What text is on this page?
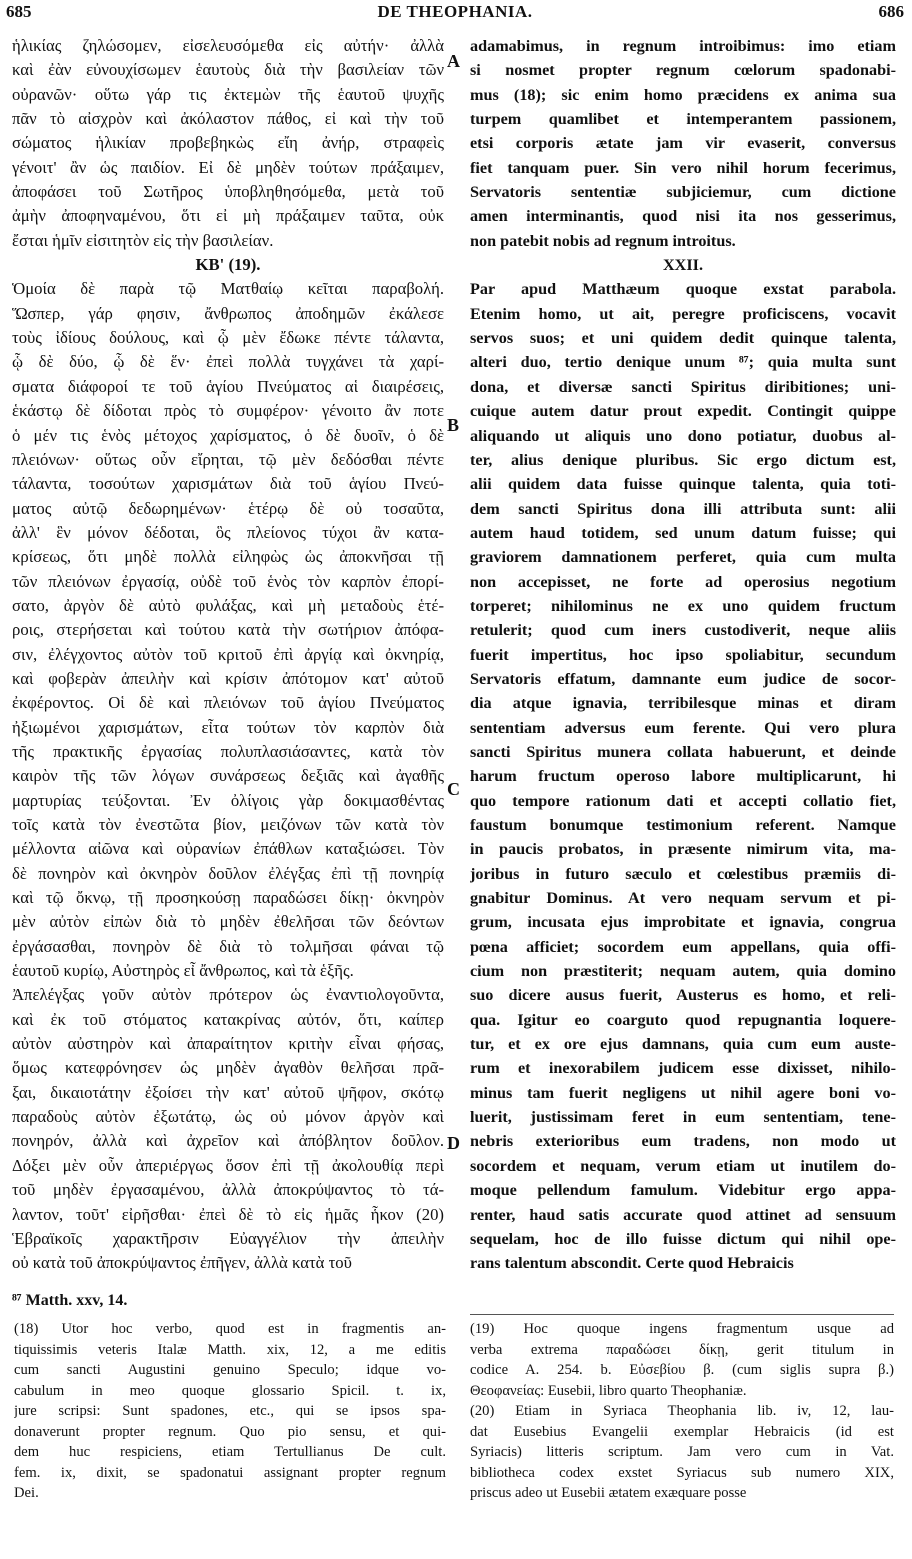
685	DE THEOPHANIA.	686
ἡλικίας ζηλώσομεν, εἰσελευσόμεθα εἰς αὐτήν· ἀλλὰ
καὶ ἐὰν εὐνουχίσωμεν ἑαυτοὺς διὰ τὴν βασιλείαν τῶν
οὐρανῶν· οὕτω γάρ τις ἐκτεμὼν τῆς ἑαυτοῦ ψυχῆς
πᾶν τὸ αἰσχρὸν καὶ ἀκόλαστον πάθος, εἰ καὶ τὴν τοῦ
σώματος ἡλικίαν προβεβηκὼς εἴη ἀνήρ, στραφεὶς
γένοιτ' ἂν ὡς παιδίον. Εἰ δὲ μηδὲν τούτων πράξαιμεν,
ἀποφάσει τοῦ Σωτῆρος ὑποβληθησόμεθα, μετὰ τοῦ
ἀμὴν ἀποφηναμένου, ὅτι εἰ μὴ πράξαιμεν ταῦτα, οὐκ
ἔσται ἡμῖν εἰσιτητὸν εἰς τὴν βασιλείαν.
ΚΒ' (19).
Ὁμοία δὲ παρὰ τῷ Ματθαίῳ κεῖται παραβολή.
Ὥσπερ, γάρ φησιν, ἄνθρωπος ἀποδημῶν ἐκάλεσε
τοὺς ἰδίους δούλους, καὶ ᾧ μὲν ἔδωκε πέντε τάλαντα,
ᾧ δὲ δύο, ᾧ δὲ ἕν· ἐπεὶ πολλὰ τυγχάνει τὰ χαρί-
σματα διάφοροί τε τοῦ ἁγίου Πνεύματος αἱ διαιρέσεις,
ἑκάστῳ δὲ δίδοται πρὸς τὸ συμφέρον· γένοιτο ἂν ποτε
ὁ μέν τις ἑνὸς μέτοχος χαρίσματος, ὁ δὲ δυοῖν, ὁ δὲ
πλειόνων· οὕτως οὖν εἴρηται, τῷ μὲν δεδόσθαι πέντε
τάλαντα, τοσούτων χαρισμάτων διὰ τοῦ ἁγίου Πνεύ-
ματος αὐτῷ δεδωρημένων· ἑτέρῳ δὲ οὐ τοσαῦτα,
ἀλλ' ἓν μόνον δέδοται, ὃς πλείονος τύχοι ἂν κατα-
κρίσεως, ὅτι μηδὲ πολλὰ εἰληφὼς ὡς ἀποκνῆσαι τῇ
τῶν πλειόνων ἐργασίᾳ, οὐδὲ τοῦ ἑνὸς τὸν καρπὸν ἐπορί-
σατο, ἀργὸν δὲ αὐτὸ φυλάξας, καὶ μὴ μεταδοὺς ἑτέ-
ροις, στερήσεται καὶ τούτου κατὰ τὴν σωτήριον ἀπόφα-
σιν, ἐλέγχοντος αὐτὸν τοῦ κριτοῦ ἐπὶ ἀργίᾳ καὶ ὀκνηρίᾳ,
καὶ φοβερὰν ἀπειλὴν καὶ κρίσιν ἀπότομον κατ' αὐτοῦ
ἐκφέροντος. Οἱ δὲ καὶ πλειόνων τοῦ ἁγίου Πνεύματος
ἠξιωμένοι χαρισμάτων, εἶτα τούτων τὸν καρπὸν διὰ
τῆς πρακτικῆς ἐργασίας πολυπλασιάσαντες, κατὰ τὸν
καιρὸν τῆς τῶν λόγων συνάρσεως δεξιᾶς καὶ ἀγαθῆς
μαρτυρίας τεύξονται. Ἐν ὀλίγοις γὰρ δοκιμασθέντας
τοῖς κατὰ τὸν ἐνεστῶτα βίον, μειζόνων τῶν κατὰ τὸν
μέλλοντα αἰῶνα καὶ οὐρανίων ἐπάθλων καταξιώσει. Τὸν
δὲ πονηρὸν καὶ ὀκνηρὸν δοῦλον ἐλέγξας ἐπὶ τῇ πονηρίᾳ
καὶ τῷ ὄκνῳ, τῇ προσηκούσῃ παραδώσει δίκῃ· ὀκνηρὸν
μὲν αὐτὸν εἰπὼν διὰ τὸ μηδὲν ἐθελῆσαι τῶν δεόντων
ἐργάσασθαι, πονηρὸν δὲ διὰ τὸ τολμῆσαι φάναι τῷ
ἑαυτοῦ κυρίῳ, Αὐστηρὸς εἶ ἄνθρωπος, καὶ τὰ ἑξῆς.
Ἀπελέγξας γοῦν αὐτὸν πρότερον ὡς ἐναντιολογοῦντα,
καὶ ἐκ τοῦ στόματος κατακρίνας αὐτόν, ὅτι, καίπερ
αὐτὸν αὐστηρὸν καὶ ἀπαραίτητον κριτὴν εἶναι φήσας,
ὅμως κατεφρόνησεν ὡς μηδὲν ἀγαθὸν θελῆσαι πρᾶ-
ξαι, δικαιοτάτην ἐξοίσει τὴν κατ' αὐτοῦ ψῆφον, σκότῳ
παραδοὺς αὐτὸν ἐξωτάτῳ, ὡς οὐ μόνον ἀργὸν καὶ
πονηρόν, ἀλλὰ καὶ ἀχρεῖον καὶ ἀπόβλητον δοῦλον.
Δόξει μὲν οὖν ἀπεριέργως ὅσον ἐπὶ τῇ ἀκολουθίᾳ περὶ
τοῦ μηδὲν ἐργασαμένου, ἀλλὰ ἀποκρύψαντος τὸ τά-
λαντον, τοῦτ' εἰρῆσθαι· ἐπεὶ δὲ τὸ εἰς ἡμᾶς ἧκον (20)
Ἑβραϊκοῖς χαρακτῆρσιν Εὐαγγέλιον τὴν ἀπειλὴν
οὐ κατὰ τοῦ ἀποκρύψαντος ἐπῆγεν, ἀλλὰ κατὰ τοῦ
adamabimus, in regnum introibimus: imo etiam
si nosmet propter regnum cœlorum spadonabi-
mus (18); sic enim homo præcidens ex anima sua
turpem quamlibet et intemperantem passionem,
etsi corporis ætate jam vir evaserit, conversus
fiet tanquam puer. Sin vero nihil horum fecerimus,
Servatoris sententiæ subjiciemur, cum dictione
amen interminantis, quod nisi ita nos gesserimus,
non patebit nobis ad regnum introitus.
XXII.
Par apud Matthæum quoque exstat parabola.
Etenim homo, ut ait, peregre proficiscens, vocavit
servos suos; et uni quidem dedit quinque talenta,
alteri duo, tertio denique unum ⁸⁷; quia multa sunt
dona, et diversæ sancti Spiritus diribitiones; uni-
cuique autem datur prout expedit. Contingit quippe
aliquando ut aliquis uno dono potiatur, duobus al-
ter, alius denique pluribus. Sic ergo dictum est,
alii quidem data fuisse quinque talenta, quia toti-
dem sancti Spiritus dona illi attributa sunt: alii
autem haud totidem, sed unum datum fuisse; qui
graviorem damnationem perferet, quia cum multa
non accepisset, ne forte ad operosius negotium
torperet; nihilominus ne ex uno quidem fructum
retulerit; quod cum iners custodiverit, neque aliis
fuerit impertitus, hoc ipso spoliabitur, secundum
Servatoris effatum, damnante eum judice de socor-
dia atque ignavia, terribilesque minas et diram
sententiam adversus eum ferente. Qui vero plura
sancti Spiritus munera collata habuerunt, et deinde
harum fructum operoso labore multiplicarunt, hi
quo tempore rationum dati et accepti collatio fiet,
faustum bonumque testimonium referent. Namque
in paucis probatos, in præsente nimirum vita, ma-
joribus in futuro sæculo et cœlestibus præmiis di-
gnabitur Dominus. At vero nequam servum et pi-
grum, incusata ejus improbitate et ignavia, congrua
pœna afficiet; socordem eum appellans, quia offi-
cium non præstiterit; nequam autem, quia domino
suo dicere ausus fuerit, Austerus es homo, et reli-
qua. Igitur eo coarguto quod repugnantia loquere-
tur, et ex ore ejus damnans, quia cum eum auste-
rum et inexorabilem judicem esse dixisset, nihilo-
minus tam fuerit negligens ut nihil agere boni vo-
luerit, justissimam feret in eum sententiam, tene-
nebris exterioribus eum tradens, non modo ut
socordem et nequam, verum etiam ut inutilem do-
moque pellendum famulum. Videbitur ergo appa-
renter, haud satis accurate quod attinet ad sensuum
sequelam, hoc de illo fuisse dictum qui nihil ope-
rans talentum abscondit. Certe quod Hebraicis
A
B
C
D
⁸⁷ Matth. xxv, 14.
(18) Utor hoc verbo, quod est in fragmentis an-
tiquissimis veteris Italæ Matth. xix, 12, a me editis
cum sancti Augustini genuino Speculo; idque vo-
cabulum in meo quoque glossario Spicil. t. ix,
jure scripsi: Sunt spadones, etc., qui se ipsos spa-
donaverunt propter regnum. Quo pio sensu, et qui-
dem huc respiciens, etiam Tertullianus De cult.
fem. ix, dixit, se spadonatui assignant propter regnum
Dei.
(19) Hoc quoque ingens fragmentum usque ad
verba extrema παραδώσει δίκῃ, gerit titulum in
codice A. 254. b. Εὐσεβίου β. (cum siglis supra β.)
Θεοφανείας: Eusebii, libro quarto Theophaniæ.
(20) Etiam in Syriaca Theophania lib. iv, 12, lau-
dat Eusebius Evangelii exemplar Hebraicis (id est
Syriacis) litteris scriptum. Jam vero cum in Vat.
bibliotheca codex exstet Syriacus sub numero XIX,
priscus adeo ut Eusebii ætatem exæquare posse
